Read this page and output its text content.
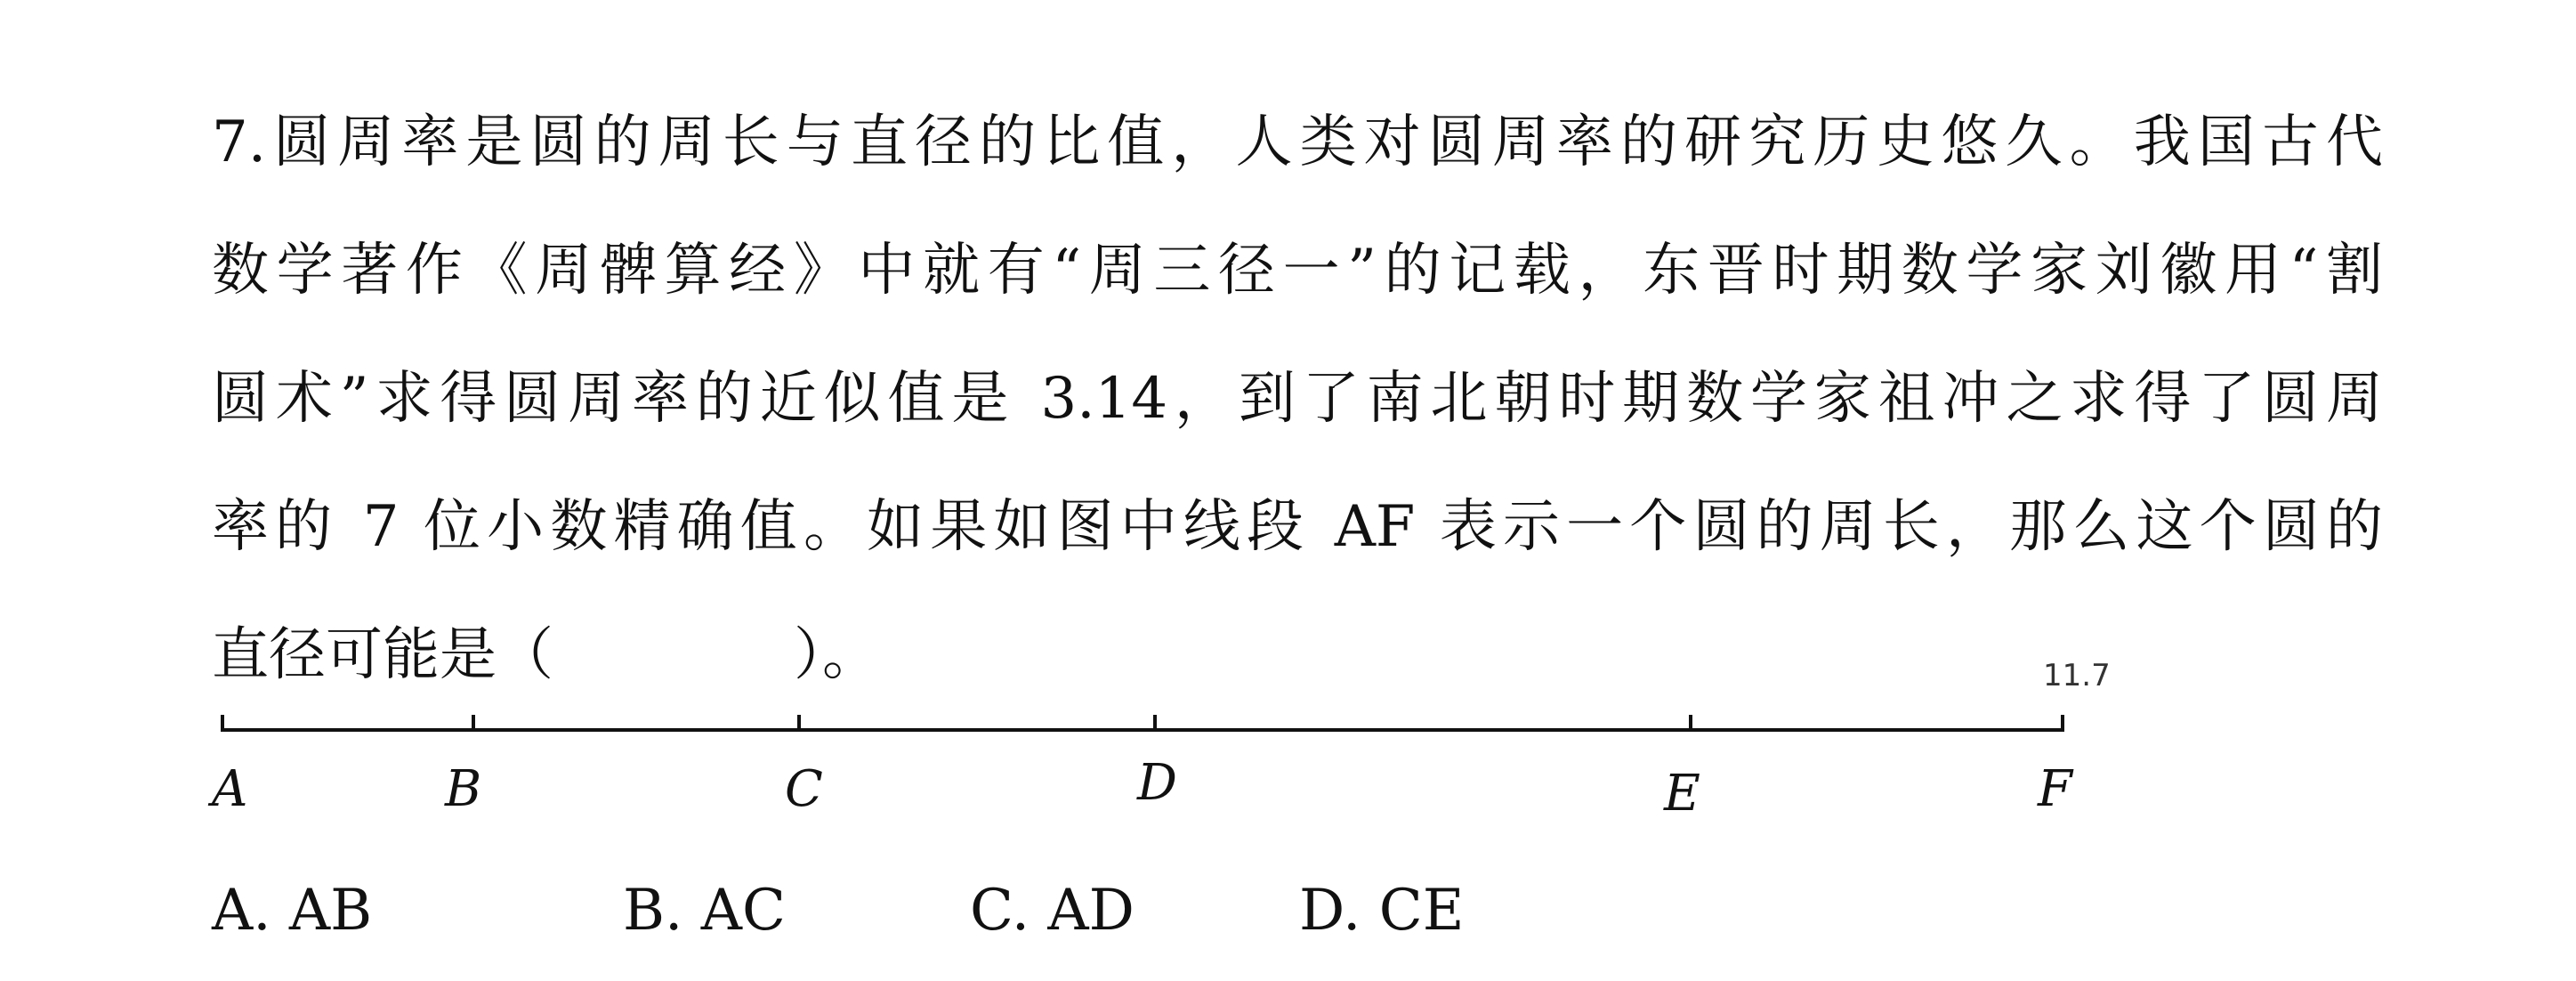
7.圆周率是圆的周长与直径的比值，人类对圆周率的研究历史悠久。我国古代
数学著作《周髀算经》中就有“周三径一”的记载，东晋时期数学家刘徽用“割
圆术”求得圆周率的近似值是 3.14，到了南北朝时期数学家祖冲之求得了圆周
率的 7 位小数精确值。如果如图中线段 AF 表示一个圆的周长，那么这个圆的
直径可能是（	）。
A	B	C	D	E	F
11.7
A. AB	B. AC	C. AD	D. CE
